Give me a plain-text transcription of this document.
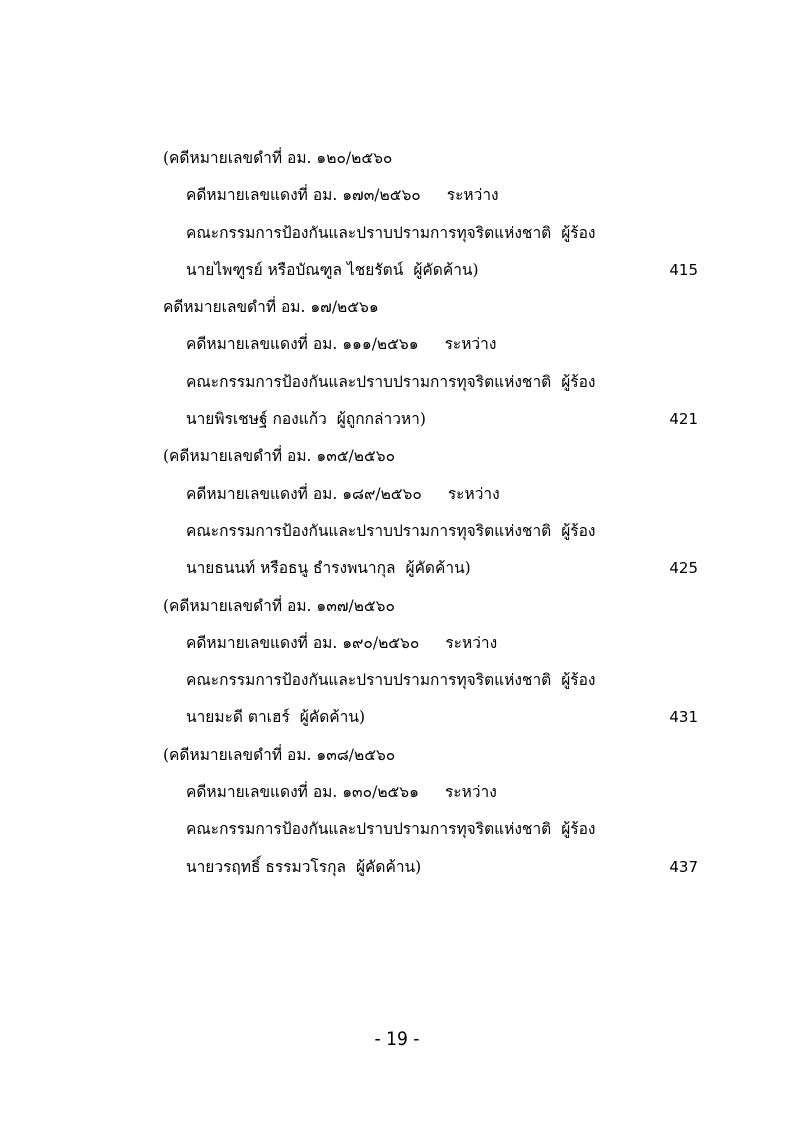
(คดีหมายเลขดำที่ อม. ๑๒๐/๒๕๖๐
คดีหมายเลขแดงที่ อม. ๑๗๓/๒๕๖๐ ระหว่าง
คณะกรรมการป้องกันและปราบปรามการทุจริตแห่งชาติ ผู้ร้อง
นายไพฑูรย์ หรือบัณฑูล ไชยรัตน์ ผู้คัดค้าน)	415
คดีหมายเลขดำที่ อม. ๑๗/๒๕๖๑
คดีหมายเลขแดงที่ อม. ๑๑๑/๒๕๖๑ ระหว่าง
คณะกรรมการป้องกันและปราบปรามการทุจริตแห่งชาติ ผู้ร้อง
นายพิรเชษฐ์ กองแก้ว ผู้ถูกกล่าวหา)	421
(คดีหมายเลขดำที่ อม. ๑๓๕/๒๕๖๐
คดีหมายเลขแดงที่ อม. ๑๘๙/๒๕๖๐ ระหว่าง
คณะกรรมการป้องกันและปราบปรามการทุจริตแห่งชาติ ผู้ร้อง
นายธนนท์ หรือธนู ธำรงพนากุล ผู้คัดค้าน)	425
(คดีหมายเลขดำที่ อม. ๑๓๗/๒๕๖๐
คดีหมายเลขแดงที่ อม. ๑๙๐/๒๕๖๐ ระหว่าง
คณะกรรมการป้องกันและปราบปรามการทุจริตแห่งชาติ ผู้ร้อง
นายมะดี ตาเฮร์ ผู้คัดค้าน)	431
(คดีหมายเลขดำที่ อม. ๑๓๘/๒๕๖๐
คดีหมายเลขแดงที่ อม. ๑๓๐/๒๕๖๑ ระหว่าง
คณะกรรมการป้องกันและปราบปรามการทุจริตแห่งชาติ ผู้ร้อง
นายวรฤทธิ์ ธรรมวโรกุล ผู้คัดค้าน)	437
- 19 -
